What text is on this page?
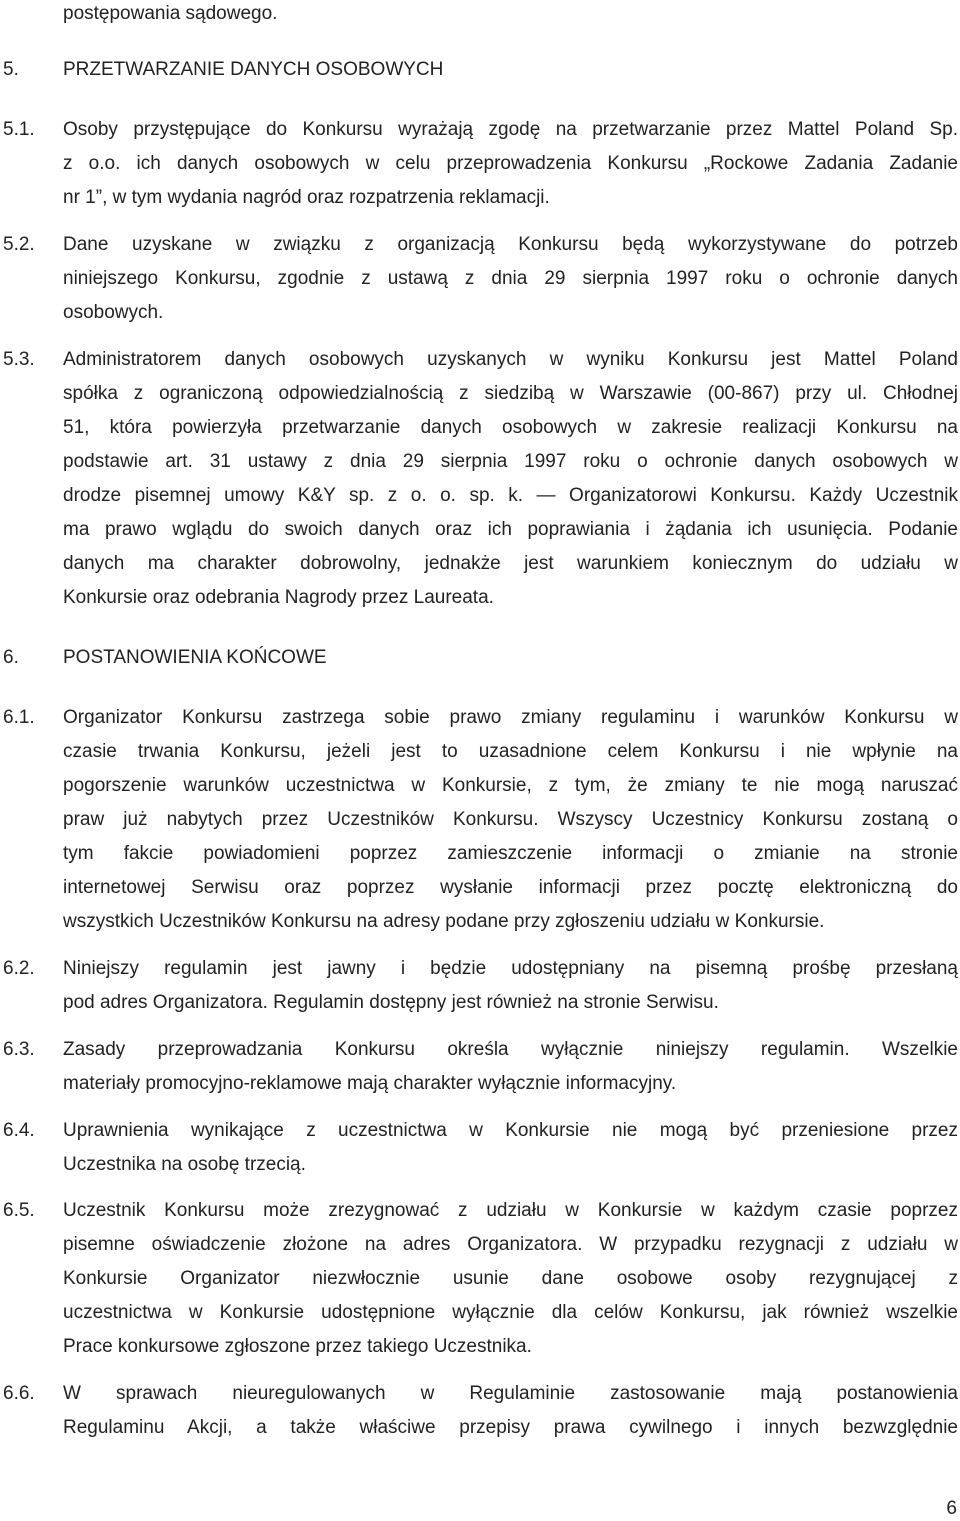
postępowania sądowego.
5. PRZETWARZANIE DANYCH OSOBOWYCH
5.1. Osoby przystępujące do Konkursu wyrażają zgodę na przetwarzanie przez Mattel Poland Sp.
z o.o. ich danych osobowych w celu przeprowadzenia Konkursu „Rockowe Zadania Zadanie
nr 1”, w tym wydania nagród oraz rozpatrzenia reklamacji.
5.2. Dane uzyskane w związku z organizacją Konkursu będą wykorzystywane do potrzeb
niniejszego Konkursu, zgodnie z ustawą z dnia 29 sierpnia 1997 roku o ochronie danych
osobowych.
5.3. Administratorem danych osobowych uzyskanych w wyniku Konkursu jest Mattel Poland
spółka z ograniczoną odpowiedzialnością z siedzibą w Warszawie (00-867) przy ul. Chłodnej
51, która powierzyła przetwarzanie danych osobowych w zakresie realizacji Konkursu na
podstawie art. 31 ustawy z dnia 29 sierpnia 1997 roku o ochronie danych osobowych w
drodze pisemnej umowy K&Y sp. z o. o. sp. k. — Organizatorowi Konkursu. Każdy Uczestnik
ma prawo wglądu do swoich danych oraz ich poprawiania i żądania ich usunięcia. Podanie
danych ma charakter dobrowolny, jednakże jest warunkiem koniecznym do udziału w
Konkursie oraz odebrania Nagrody przez Laureata.
6. POSTANOWIENIA KOŃCOWE
6.1. Organizator Konkursu zastrzega sobie prawo zmiany regulaminu i warunków Konkursu w
czasie trwania Konkursu, jeżeli jest to uzasadnione celem Konkursu i nie wpłynie na
pogorszenie warunków uczestnictwa w Konkursie, z tym, że zmiany te nie mogą naruszać
praw już nabytych przez Uczestników Konkursu. Wszyscy Uczestnicy Konkursu zostaną o
tym fakcie powiadomieni poprzez zamieszczenie informacji o zmianie na stronie
internetowej Serwisu oraz poprzez wysłanie informacji przez pocztę elektroniczną do
wszystkich Uczestników Konkursu na adresy podane przy zgłoszeniu udziału w Konkursie.
6.2. Niniejszy regulamin jest jawny i będzie udostępniany na pisemną prośbę przesłaną
pod adres Organizatora. Regulamin dostępny jest również na stronie Serwisu.
6.3. Zasady przeprowadzania Konkursu określa wyłącznie niniejszy regulamin. Wszelkie
materiały promocyjno-reklamowe mają charakter wyłącznie informacyjny.
6.4. Uprawnienia wynikające z uczestnictwa w Konkursie nie mogą być przeniesione przez
Uczestnika na osobę trzecią.
6.5. Uczestnik Konkursu może zrezygnować z udziału w Konkursie w każdym czasie poprzez
pisemne oświadczenie złożone na adres Organizatora. W przypadku rezygnacji z udziału w
Konkursie Organizator niezwłocznie usunie dane osobowe osoby rezygnującej z
uczestnictwa w Konkursie udostępnione wyłącznie dla celów Konkursu, jak również wszelkie
Prace konkursowe zgłoszone przez takiego Uczestnika.
6.6. W sprawach nieuregulowanych w Regulaminie zastosowanie mają postanowienia
Regulaminu Akcji, a także właściwe przepisy prawa cywilnego i innych bezwzględnie
6
